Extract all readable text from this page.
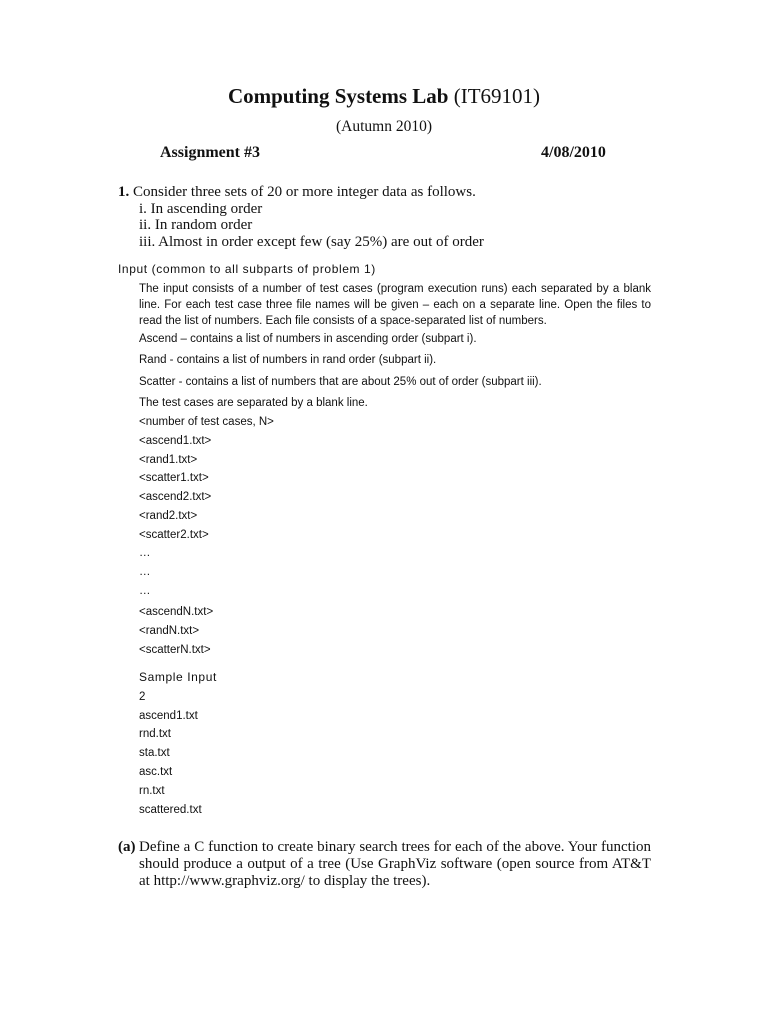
Computing Systems Lab (IT69101)
(Autumn 2010)
Assignment #3	4/08/2010
1. Consider three sets of 20 or more integer data as follows.
i. In ascending order
ii. In random order
iii. Almost in order except few (say 25%) are out of order
Input (common to all subparts of problem 1)
The input consists of a number of test cases (program execution runs) each separated by a blank line. For each test case three file names will be given – each on a separate line. Open the files to read the list of numbers. Each file consists of a space-separated list of numbers.
Ascend – contains a list of numbers in ascending order (subpart i).
Rand - contains a list of numbers in rand order (subpart ii).
Scatter - contains a list of numbers that are about 25% out of order (subpart iii).
The test cases are separated by a blank line.
<number of test cases, N>
<ascend1.txt>
<rand1.txt>
<scatter1.txt>
<ascend2.txt>
<rand2.txt>
<scatter2.txt>
…
…
…
<ascendN.txt>
<randN.txt>
<scatterN.txt>
Sample Input
2
ascend1.txt
rnd.txt
sta.txt
asc.txt
rn.txt
scattered.txt
(a) Define a C function to create binary search trees for each of the above. Your function should produce a output of a tree (Use GraphViz software (open source from AT&T at http://www.graphviz.org/ to display the trees).
